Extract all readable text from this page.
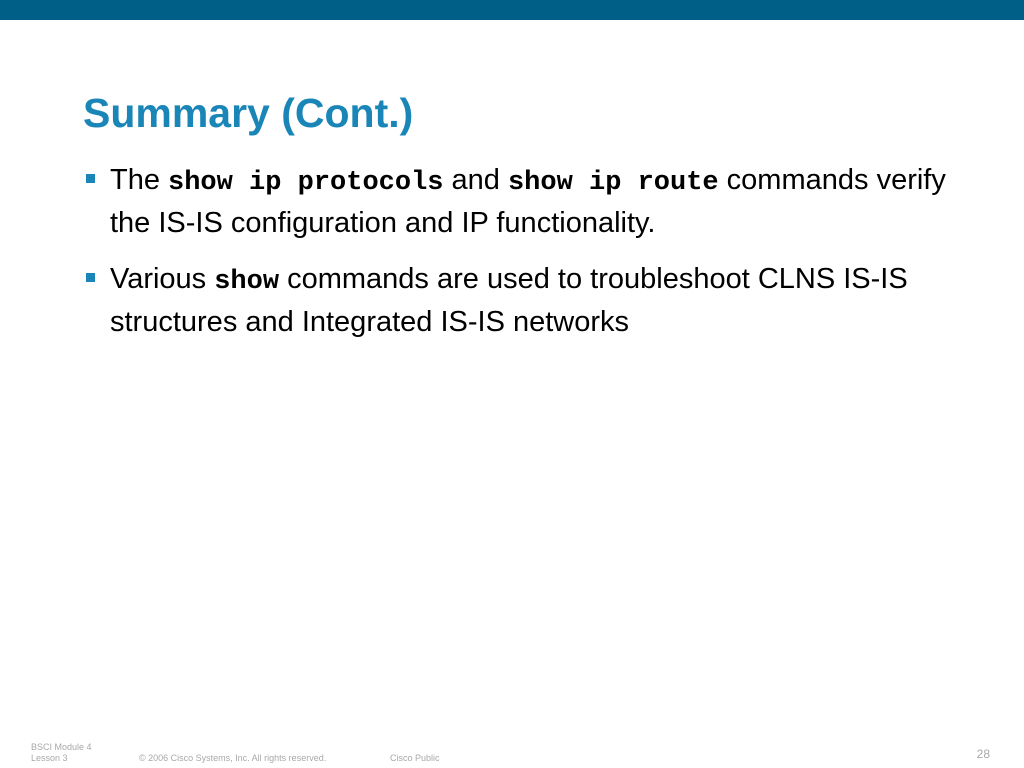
Summary (Cont.)
The show ip protocols and show ip route commands verify the IS-IS configuration and IP functionality.
Various show commands are used to troubleshoot CLNS IS-IS structures and Integrated IS-IS networks
BSCI Module 4
Lesson 3	© 2006 Cisco Systems, Inc. All rights reserved.	Cisco Public	28
